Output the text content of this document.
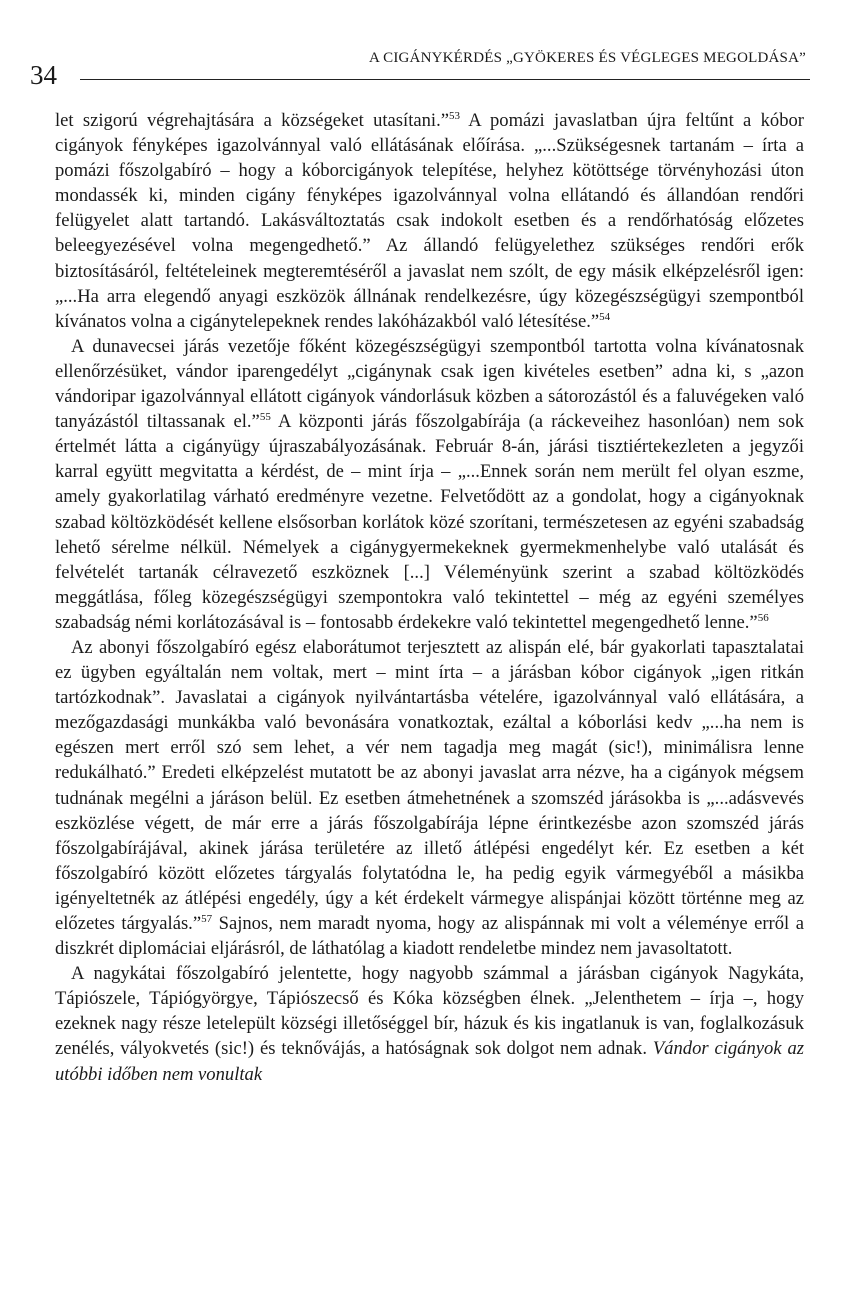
34
A CIGÁNYKÉRDÉS „GYÖKERES ÉS VÉGLEGES MEGOLDÁSA”

let szigorú végrehajtására a községeket utasítani.”$^{53}$ A pomázi javaslatban újra feltűnt a kóbor cigányok fényképes igazolvánnyal való ellátásának előírása. „...Szükségesnek tartanám – írta a pomázi főszolgabíró – hogy a kóborcigányok telepítése, helyhez kötöttsége törvényhozási úton mondassék ki, minden cigány fényképes igazolvánnyal volna ellátandó és állandóan rendőri felügyelet alatt tartandó. Lakásváltoztatás csak indokolt esetben és a rendőrhatóság előzetes beleegyezésével volna megengedhető.” Az állandó felügyelethez szükséges rendőri erők biztosításáról, feltételeinek megteremtéséről a javaslat nem szólt, de egy másik elképzelésről igen: „...Ha arra elegendő anyagi eszközök állnának rendelkezésre, úgy közegészségügyi szempontból kívánatos volna a cigánytelepeknek rendes lakóházakból való létesítése.”$^{54}$

A dunavecsei járás vezetője főként közegészségügyi szempontból tartotta volna kívánatosnak ellenőrzésüket, vándor iparengedélyt „cigánynak csak igen kivételes esetben” adna ki, s „azon vándoripar igazolvánnyal ellátott cigányok vándorlásuk közben a sátorozástól és a faluvégeken való tanyázástól tiltassanak el.”$^{55}$ A központi járás főszolgabírája (a ráckeveihez hasonlóan) nem sok értelmét látta a cigányügy újraszabályozásának. Február 8-án, járási tisztiértekezleten a jegyzői karral együtt megvitatta a kérdést, de – mint írja – „...Ennek során nem merült fel olyan eszme, amely gyakorlatilag várható eredményre vezetne. Felvetődött az a gondolat, hogy a cigányoknak szabad költözködését kellene elsősorban korlátok közé szorítani, természetesen az egyéni szabadság lehető sérelme nélkül. Némelyek a cigánygyermekeknek gyermekmenhelybe való utalását és felvételét tartanák célravezető eszköznek [...] Véleményünk szerint a szabad költözködés meggátlása, főleg közegészségügyi szempontokra való tekintettel – még az egyéni személyes szabadság némi korlátozásával is – fontosabb érdekekre való tekintettel megengedhető lenne.”$^{56}$

Az abonyi főszolgabíró egész elaborátumot terjesztett az alispán elé, bár gyakorlati tapasztalatai ez ügyben egyáltalán nem voltak, mert – mint írta – a járásban kóbor cigányok „igen ritkán tartózkodnak”. Javaslatai a cigányok nyilvántartásba vételére, igazolvánnyal való ellátására, a mezőgazdasági munkákba való bevonására vonatkoztak, ezáltal a kóborlási kedv „...ha nem is egészen mert erről szó sem lehet, a vér nem tagadja meg magát (sic!), minimálisra lenne redukálható.” Eredeti elképzelést mutatott be az abonyi javaslat arra nézve, ha a cigányok mégsem tudnának megélni a járáson belül. Ez esetben átmehetnének a szomszéd járásokba is „...adásvevés eszközlése végett, de már erre a járás főszolgabírája lépne érintkezésbe azon szomszéd járás főszolgabírájával, akinek járása területére az illető átlépési engedélyt kér. Ez esetben a két főszolgabíró között előzetes tárgyalás folytatódna le, ha pedig egyik vármegyéből a másikba igényeltetnék az átlépési engedély, úgy a két érdekelt vármegye alispánjai között történne meg az előzetes tárgyalás.”$^{57}$ Sajnos, nem maradt nyoma, hogy az alispánnak mi volt a véleménye erről a diszkrét diplomáciai eljárásról, de láthatólag a kiadott rendeletbe mindez nem javasoltatott.

A nagykátai főszolgabíró jelentette, hogy nagyobb számmal a járásban cigányok Nagykáta, Tápiószele, Tápiógyörgye, Tápiószecső és Kóka községben élnek. „Jelenthetem – írja –, hogy ezeknek nagy része letelepült községi illetőséggel bír, házuk és kis ingatlanuk is van, foglalkozásuk zenélés, vályokvetés (sic!) és teknővájás, a hatóságnak sok dolgot nem adnak. Vándor cigányok az utóbbi időben nem vonultak
